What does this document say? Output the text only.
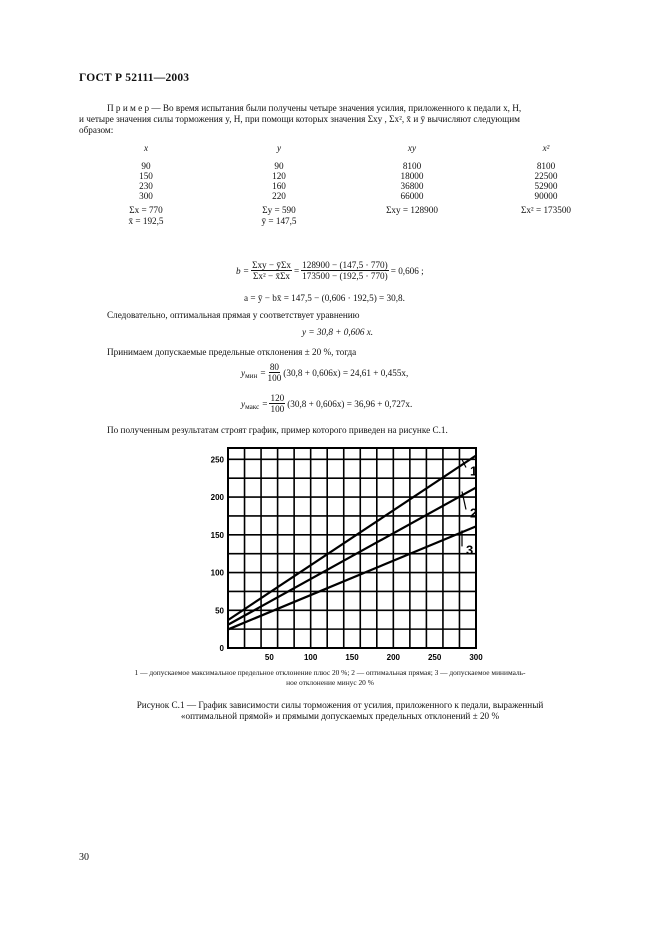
ГОСТ Р 52111—2003
П р и м е р — Во время испытания были получены четыре значения усилия, приложенного к педали x, H,
и четыре значения силы торможения y, H, при помощи которых значения Σxy , Σx², x̄ и ȳ вычисляют следующим
образом:
x	y	xy	x²
90	90	8100	8100
150	120	18000	22500
230	160	36800	52900
300	220	66000	90000
Σx = 770	Σy = 590	Σxy = 128900	Σx² = 173500
x̄ = 192,5	ȳ = 147,5
$b = \frac{\text{Σxy − ȳΣx}}{\text{Σx² − x̄Σx}} = \frac{128900 - (147,5 \cdot 770)}{173500 - (192,5 \cdot 770)} = 0,606$ ;
a = ȳ − bx̄ = 147,5 − (0,606 · 192,5) = 30,8.
Следовательно, оптимальная прямая y соответствует уравнению
y = 30,8 + 0,606 x.
Принимаем допускаемые предельные отклонения ± 20 %, тогда
$y_{мин} = \frac{80}{100} (30,8 + 0,606x) = 24,61 + 0,455x$,
$y_{макс} = \frac{120}{100} (30,8 + 0,606x) = 36,96 + 0,727x$.
По полученным результатам строят график, пример которого приведен на рисунке С.1.
1
2
3
0
50
100
150
200
250
50	100	150	200	250	300
1 — допускаемое максимальное предельное отклонение плюс 20 %; 2 — оптимальная прямая; 3 — допускаемое минималь-
ное отклонение минус 20 %
Рисунок С.1 — График зависимости силы торможения от усилия, приложенного к педали, выраженный
«оптимальной прямой» и прямыми допускаемых предельных отклонений ± 20 %
30
